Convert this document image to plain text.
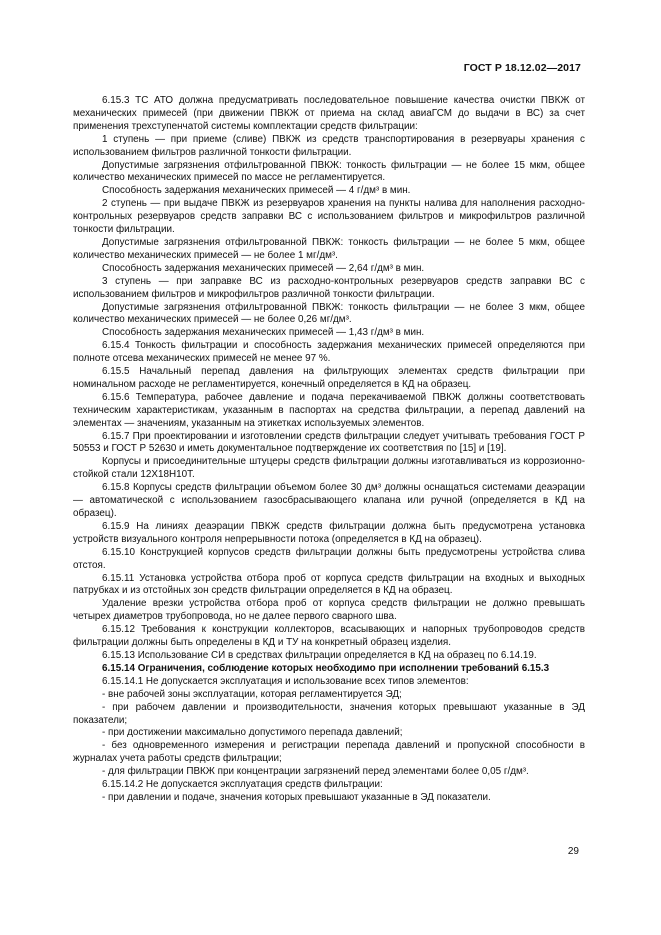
ГОСТ Р 18.12.02—2017

6.15.3 ТС АТО должна предусматривать последовательное повышение качества очистки ПВКЖ от механических примесей (при движении ПВКЖ от приема на склад авиаГСМ до выдачи в ВС) за счет применения трехступенчатой системы комплектации средств фильтрации:

1 ступень — при приеме (сливе) ПВКЖ из средств транспортирования в резервуары хранения с использованием фильтров различной тонкости фильтрации.

Допустимые загрязнения отфильтрованной ПВКЖ: тонкость фильтрации — не более 15 мкм, общее количество механических примесей по массе не регламентируется.

Способность задержания механических примесей — 4 г/дм³ в мин.

2 ступень — при выдаче ПВКЖ из резервуаров хранения на пункты налива для наполнения расходно-контрольных резервуаров средств заправки ВС с использованием фильтров и микрофильтров различной тонкости фильтрации.

Допустимые загрязнения отфильтрованной ПВКЖ: тонкость фильтрации — не более 5 мкм, общее количество механических примесей — не более 1 мг/дм³.

Способность задержания механических примесей — 2,64 г/дм³ в мин.

3 ступень — при заправке ВС из расходно-контрольных резервуаров средств заправки ВС с использованием фильтров и микрофильтров различной тонкости фильтрации.

Допустимые загрязнения отфильтрованной ПВКЖ: тонкость фильтрации — не более 3 мкм, общее количество механических примесей — не более 0,26 мг/дм³.

Способность задержания механических примесей — 1,43 г/дм³ в мин.

6.15.4 Тонкость фильтрации и способность задержания механических примесей определяются при полноте отсева механических примесей не менее 97 %.

6.15.5 Начальный перепад давления на фильтрующих элементах средств фильтрации при номинальном расходе не регламентируется, конечный определяется в КД на образец.

6.15.6 Температура, рабочее давление и подача перекачиваемой ПВКЖ должны соответствовать техническим характеристикам, указанным в паспортах на средства фильтрации, а перепад давлений на элементах — значениям, указанным на этикетках используемых элементов.

6.15.7 При проектировании и изготовлении средств фильтрации следует учитывать требования ГОСТ Р 50553 и ГОСТ Р 52630 и иметь документальное подтверждение их соответствия по [15] и [19].

Корпусы и присоединительные штуцеры средств фильтрации должны изготавливаться из коррозионно-стойкой стали 12Х18Н10Т.

6.15.8 Корпусы средств фильтрации объемом более 30 дм³ должны оснащаться системами деаэрации — автоматической с использованием газосбрасывающего клапана или ручной (определяется в КД на образец).

6.15.9 На линиях деаэрации ПВКЖ средств фильтрации должна быть предусмотрена установка устройств визуального контроля непрерывности потока (определяется в КД на образец).

6.15.10 Конструкцией корпусов средств фильтрации должны быть предусмотрены устройства слива отстоя.

6.15.11 Установка устройства отбора проб от корпуса средств фильтрации на входных и выходных патрубках и из отстойных зон средств фильтрации определяется в КД на образец.

Удаление врезки устройства отбора проб от корпуса средств фильтрации не должно превышать четырех диаметров трубопровода, но не далее первого сварного шва.

6.15.12 Требования к конструкции коллекторов, всасывающих и напорных трубопроводов средств фильтрации должны быть определены в КД и ТУ на конкретный образец изделия.

6.15.13 Использование СИ в средствах фильтрации определяется в КД на образец по 6.14.19.

6.15.14 Ограничения, соблюдение которых необходимо при исполнении требований 6.15.3

6.15.14.1 Не допускается эксплуатация и использование всех типов элементов:

- вне рабочей зоны эксплуатации, которая регламентируется ЭД;

- при рабочем давлении и производительности, значения которых превышают указанные в ЭД показатели;

- при достижении максимально допустимого перепада давлений;

- без одновременного измерения и регистрации перепада давлений и пропускной способности в журналах учета работы средств фильтрации;

- для фильтрации ПВКЖ при концентрации загрязнений перед элементами более 0,05 г/дм³.

6.15.14.2 Не допускается эксплуатация средств фильтрации:

- при давлении и подаче, значения которых превышают указанные в ЭД показатели.

29
